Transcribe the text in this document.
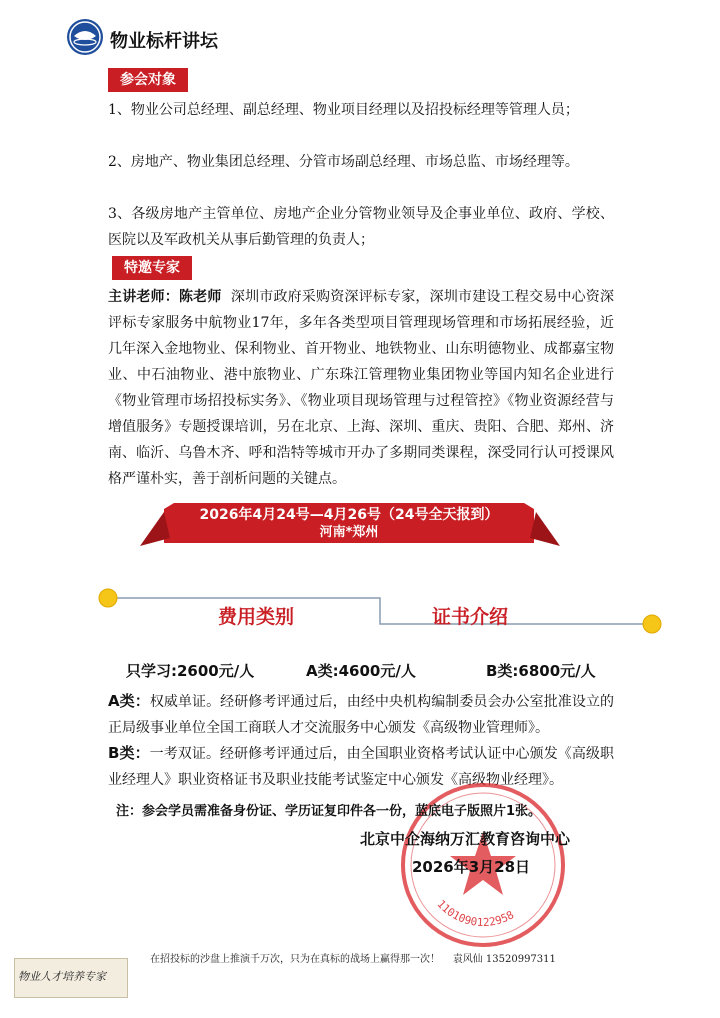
物业标杆讲坛
参会对象
1、物业公司总经理、副总经理、物业项目经理以及招投标经理等管理人员；
2、房地产、物业集团总经理、分管市场副总经理、市场总监、市场经理等。
3、各级房地产主管单位、房地产企业分管物业领导及企事业单位、政府、学校、医院以及军政机关从事后勤管理的负责人；
特邀专家
主讲老师：陈老师 深圳市政府采购资深评标专家，深圳市建设工程交易中心资深评标专家服务中航物业17年，多年各类型项目管理现场管理和市场拓展经验，近几年深入金地物业、保利物业、首开物业、地铁物业、山东明德物业、成都嘉宝物业、中石油物业、港中旅物业、广东珠江管理物业集团物业等国内知名企业进行《物业管理市场招投标实务》、《物业项目现场管理与过程管控》《物业资源经营与增值服务》专题授课培训，另在北京、上海、深圳、重庆、贵阳、合肥、郑州、济南、临沂、乌鲁木齐、呼和浩特等城市开办了多期同类课程，深受同行认可授课风格严谨朴实，善于剖析问题的关键点。
2026年4月24号—4月26号（24号全天报到）
河南*郑州
费用类别	证书介绍
只学习:2600元/人	A类:4600元/人	B类:6800元/人
A类：权威单证。经研修考评通过后，由经中央机构编制委员会办公室批准设立的正局级事业单位全国工商联人才交流服务中心颁发《高级物业管理师》。
B类：一考双证。经研修考评通过后，由全国职业资格考试认证中心颁发《高级职业经理人》职业资格证书及职业技能考试鉴定中心颁发《高级物业经理》。
1101090122958
注：参会学员需准备身份证、学历证复印件各一份，蓝底电子版照片1张。
北京中企海纳万汇教育咨询中心
2026年3月28日
在招投标的沙盘上推演千万次，只为在真标的战场上赢得那一次！ 袁风仙 13520997311
物业人才培养专家
